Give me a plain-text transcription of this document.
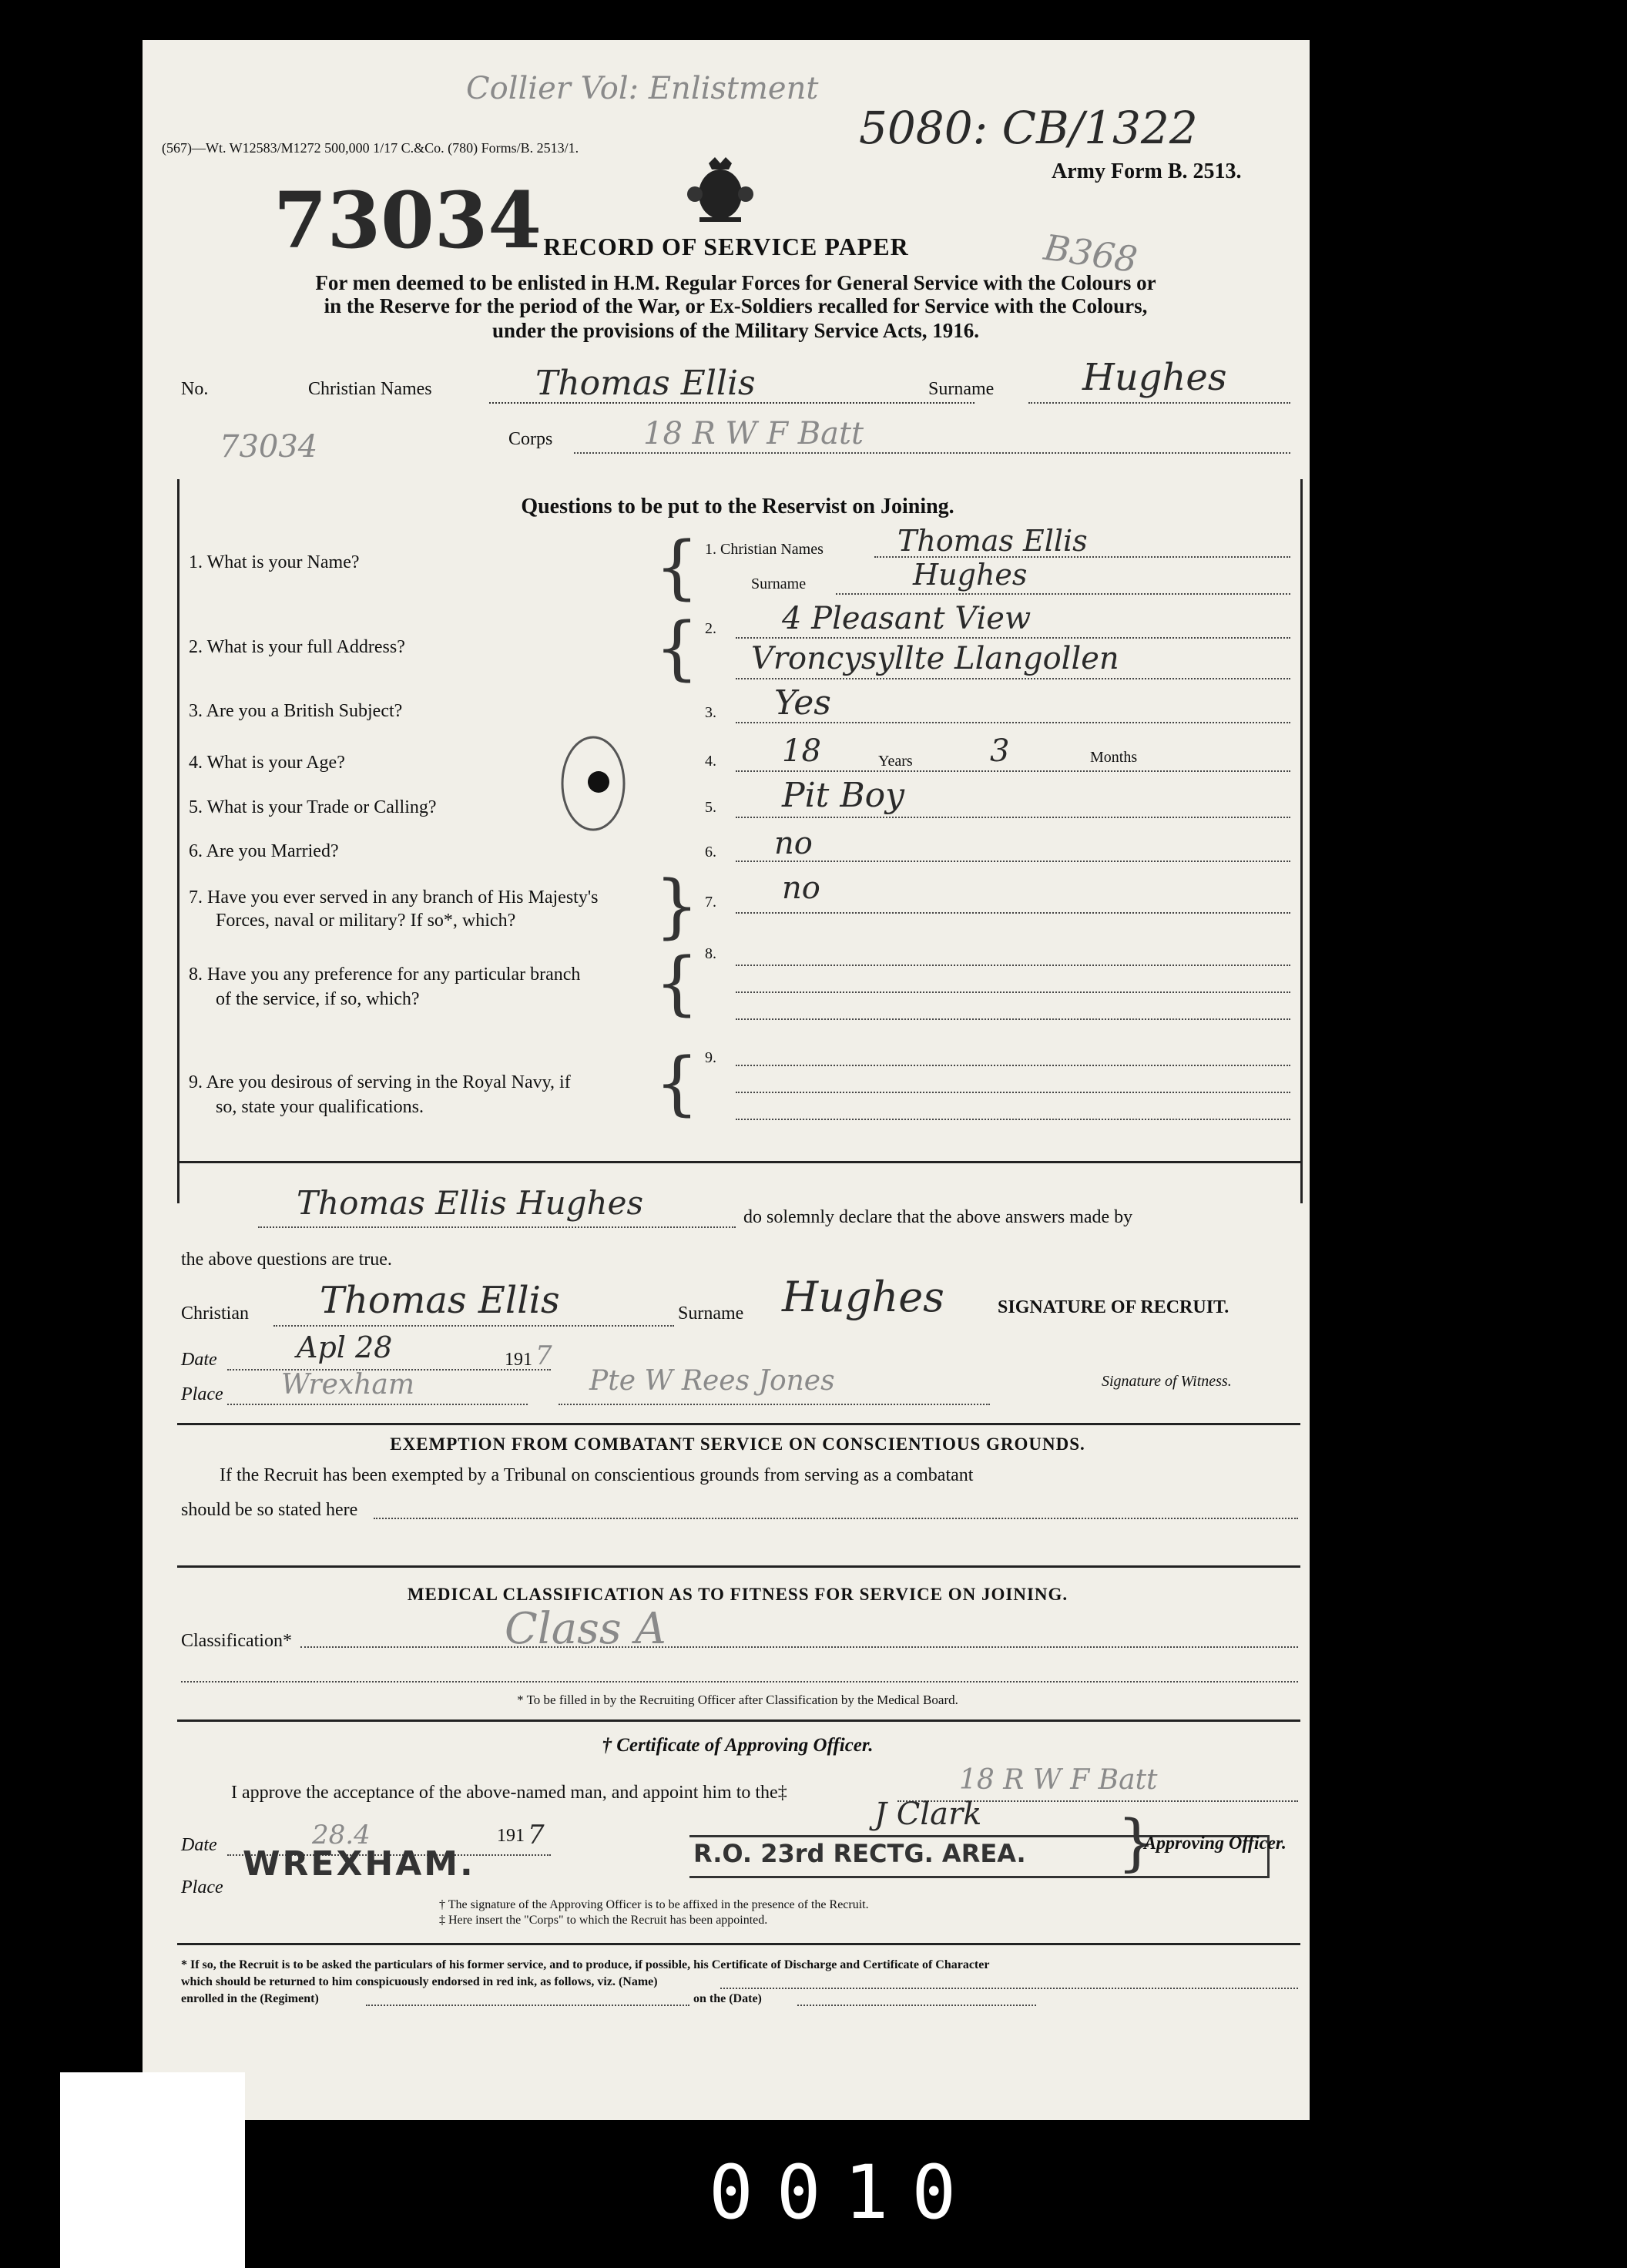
Collier Vol: Enlistment
(567)—Wt. W12583/M1272 500,000 1/17 C.&Co. (780) Forms/B. 2513/1.
73034
5080: CB/1322
B368
Army Form B. 2513.
RECORD OF SERVICE PAPER
For men deemed to be enlisted in H.M. Regular Forces for General Service with the Colours or
in the Reserve for the period of the War, or Ex-Soldiers recalled for Service with the Colours,
under the provisions of the Military Service Acts, 1916.
No.
73034
Christian Names	Thomas Ellis	Surname Hughes
Corps	18 R W F Batt
Questions to be put to the Reservist on Joining.
1. What is your Name?	{ 1. Christian Names	Thomas Ellis
Surname	Hughes
2. What is your full Address?	{ 2. 4 Pleasant View
Vroncysyllte Llangollen
3. Are you a British Subject?	3. Yes
4. What is your Age?	4. 18	Years	3	Months
5. What is your Trade or Calling?	5. Pit Boy
6. Are you Married?	6. no
7. Have you ever served in any branch of His Majesty's
Forces, naval or military? If so*, which? } 7. no
8. Have you any preference for any particular branch
of the service, if so, which?	{ 8.
9. Are you desirous of serving in the Royal Navy, if
so, state your qualifications.	{ 9.
Thomas Ellis Hughes	do solemnly declare that the above answers made by
the above questions are true.
Christian Thomas Ellis	Surname Hughes	SIGNATURE OF RECRUIT.
Date	Apl 28	191 7
Place Wrexham	Pte W Rees Jones	Signature of Witness.
EXEMPTION FROM COMBATANT SERVICE ON CONSCIENTIOUS GROUNDS.
If the Recruit has been exempted by a Tribunal on conscientious grounds from serving as a combatant
should be so stated here
MEDICAL CLASSIFICATION AS TO FITNESS FOR SERVICE ON JOINING.
Classification*	Class A
* To be filled in by the Recruiting Officer after Classification by the Medical Board.
† Certificate of Approving Officer.
I approve the acceptance of the above-named man, and appoint him to the‡	18 R W F Batt
J Clark
Date	28.4	191 7
Place
WREXHAM.	R.O. 23rd RECTG. AREA. }
Approving Officer.
† The signature of the Approving Officer is to be affixed in the presence of the Recruit.
‡ Here insert the "Corps" to which the Recruit has been appointed.
* If so, the Recruit is to be asked the particulars of his former service, and to produce, if possible, his Certificate of Discharge and Certificate of Character
which should be returned to him conspicuously endorsed in red ink, as follows, viz. (Name)
enrolled in the (Regiment)	on the (Date)
0010
